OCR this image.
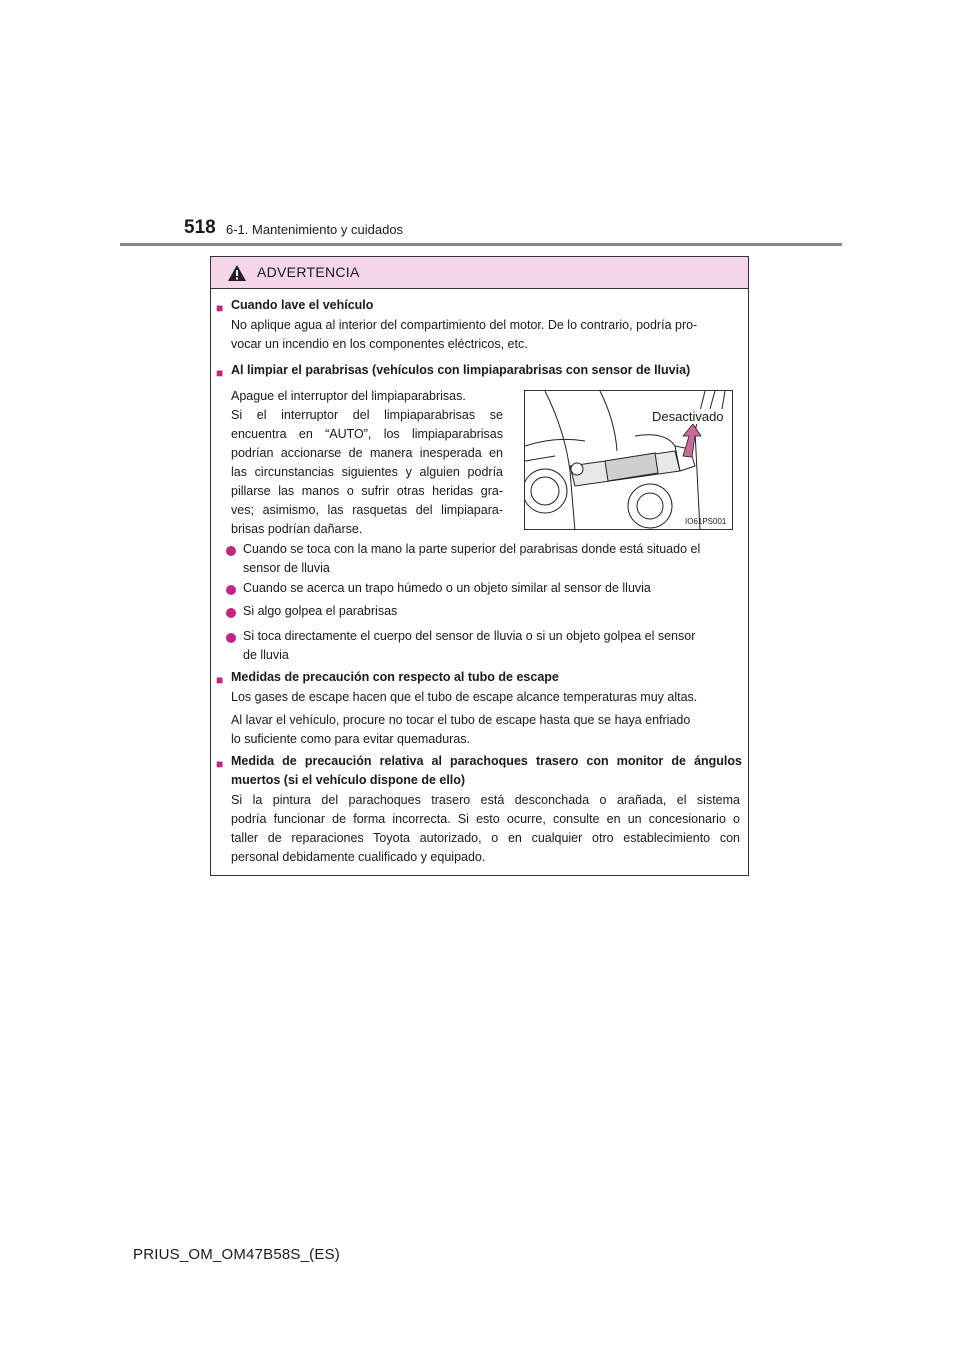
518 6-1. Mantenimiento y cuidados
ADVERTENCIA
■ Cuando lave el vehículo
No aplique agua al interior del compartimiento del motor. De lo contrario, podría pro-
vocar un incendio en los componentes eléctricos, etc.
■ Al limpiar el parabrisas (vehículos con limpiaparabrisas con sensor de lluvia)
Apague el interruptor del limpiaparabrisas.
Si el interruptor del limpiaparabrisas se
encuentra en “AUTO”, los limpiaparabrisas
podrían accionarse de manera inesperada en
las circunstancias siguientes y alguien podría
pillarse las manos o sufrir otras heridas gra-
ves; asimismo, las rasquetas del limpiapara-
brisas podrían dañarse.
Desactivado
IO61PS001
Cuando se toca con la mano la parte superior del parabrisas donde está situado el
sensor de lluvia
Cuando se acerca un trapo húmedo o un objeto similar al sensor de lluvia
Si algo golpea el parabrisas
Si toca directamente el cuerpo del sensor de lluvia o si un objeto golpea el sensor
de lluvia
■ Medidas de precaución con respecto al tubo de escape
Los gases de escape hacen que el tubo de escape alcance temperaturas muy altas.
Al lavar el vehículo, procure no tocar el tubo de escape hasta que se haya enfriado
lo suficiente como para evitar quemaduras.
■ Medida de precaución relativa al parachoques trasero con monitor de ángulos
muertos (si el vehículo dispone de ello)
Si la pintura del parachoques trasero está desconchada o arañada, el sistema
podría funcionar de forma incorrecta. Si esto ocurre, consulte en un concesionario o
taller de reparaciones Toyota autorizado, o en cualquier otro establecimiento con
personal debidamente cualificado y equipado.
PRIUS_OM_OM47B58S_(ES)
